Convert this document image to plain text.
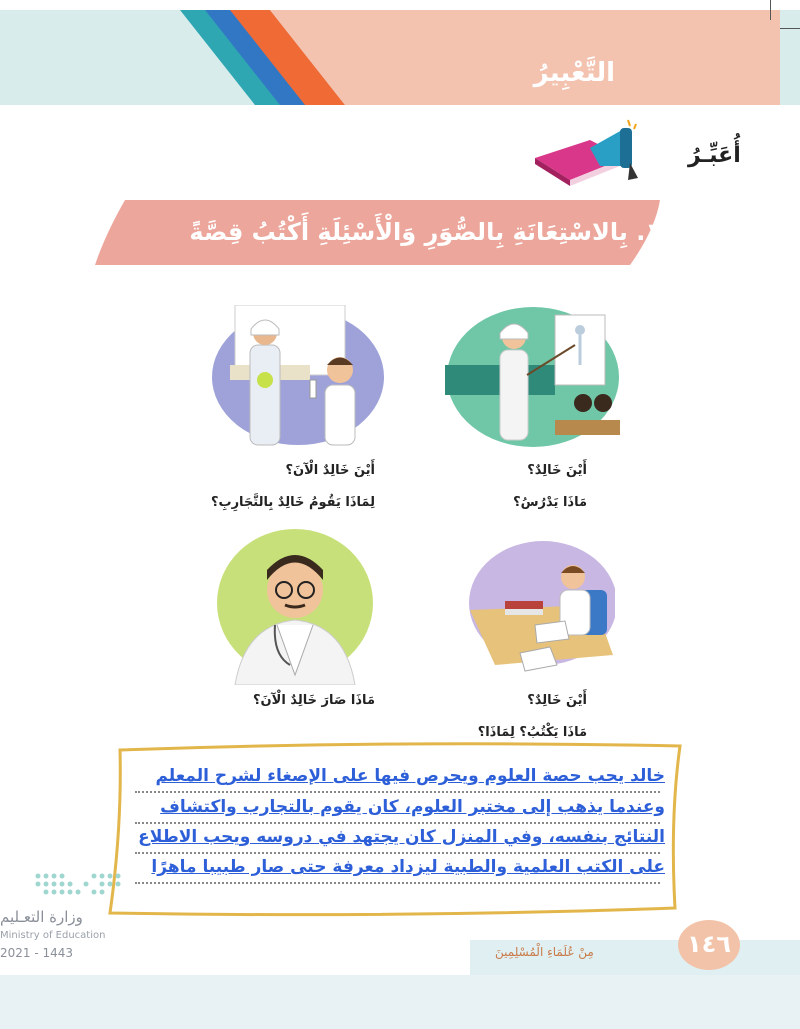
التَّعْبِيرُ
أُعَبِّـرُ
١. بِالاسْتِعَانَةِ بِالصُّوَرِ وَالْأَسْئِلَةِ أَكْتُبُ قِصَّةً
أَيْنَ خَالِدٌ؟
مَاذَا يَدْرُسُ؟
أَيْنَ خَالِدٌ الْآنَ؟
لِمَاذَا يَقُومُ خَالِدٌ بِالتَّجَارِبِ؟
أَيْنَ خَالِدٌ؟
مَاذَا يَكْتُبُ؟ لِمَاذَا؟
مَاذَا صَارَ خَالِدٌ الْآنَ؟
خالد يحب حصة العلوم ويحرص فيها على الإصغاء لشرح المعلم
وعندما يذهب إلى مختبر العلوم، كان يقوم بالتجارب واكتشاف
النتائج بنفسه، وفي المنزل كان يجتهد في دروسه ويحب الاطلاع
على الكتب العلمية والطبية ليزداد معرفة حتى صار طبيبا ماهرًا
١٤٦
مِنْ عُلَمَاءِ الْمُسْلِمِينَ
وزارة التعـليم
Ministry of Education
2021 - 1443
